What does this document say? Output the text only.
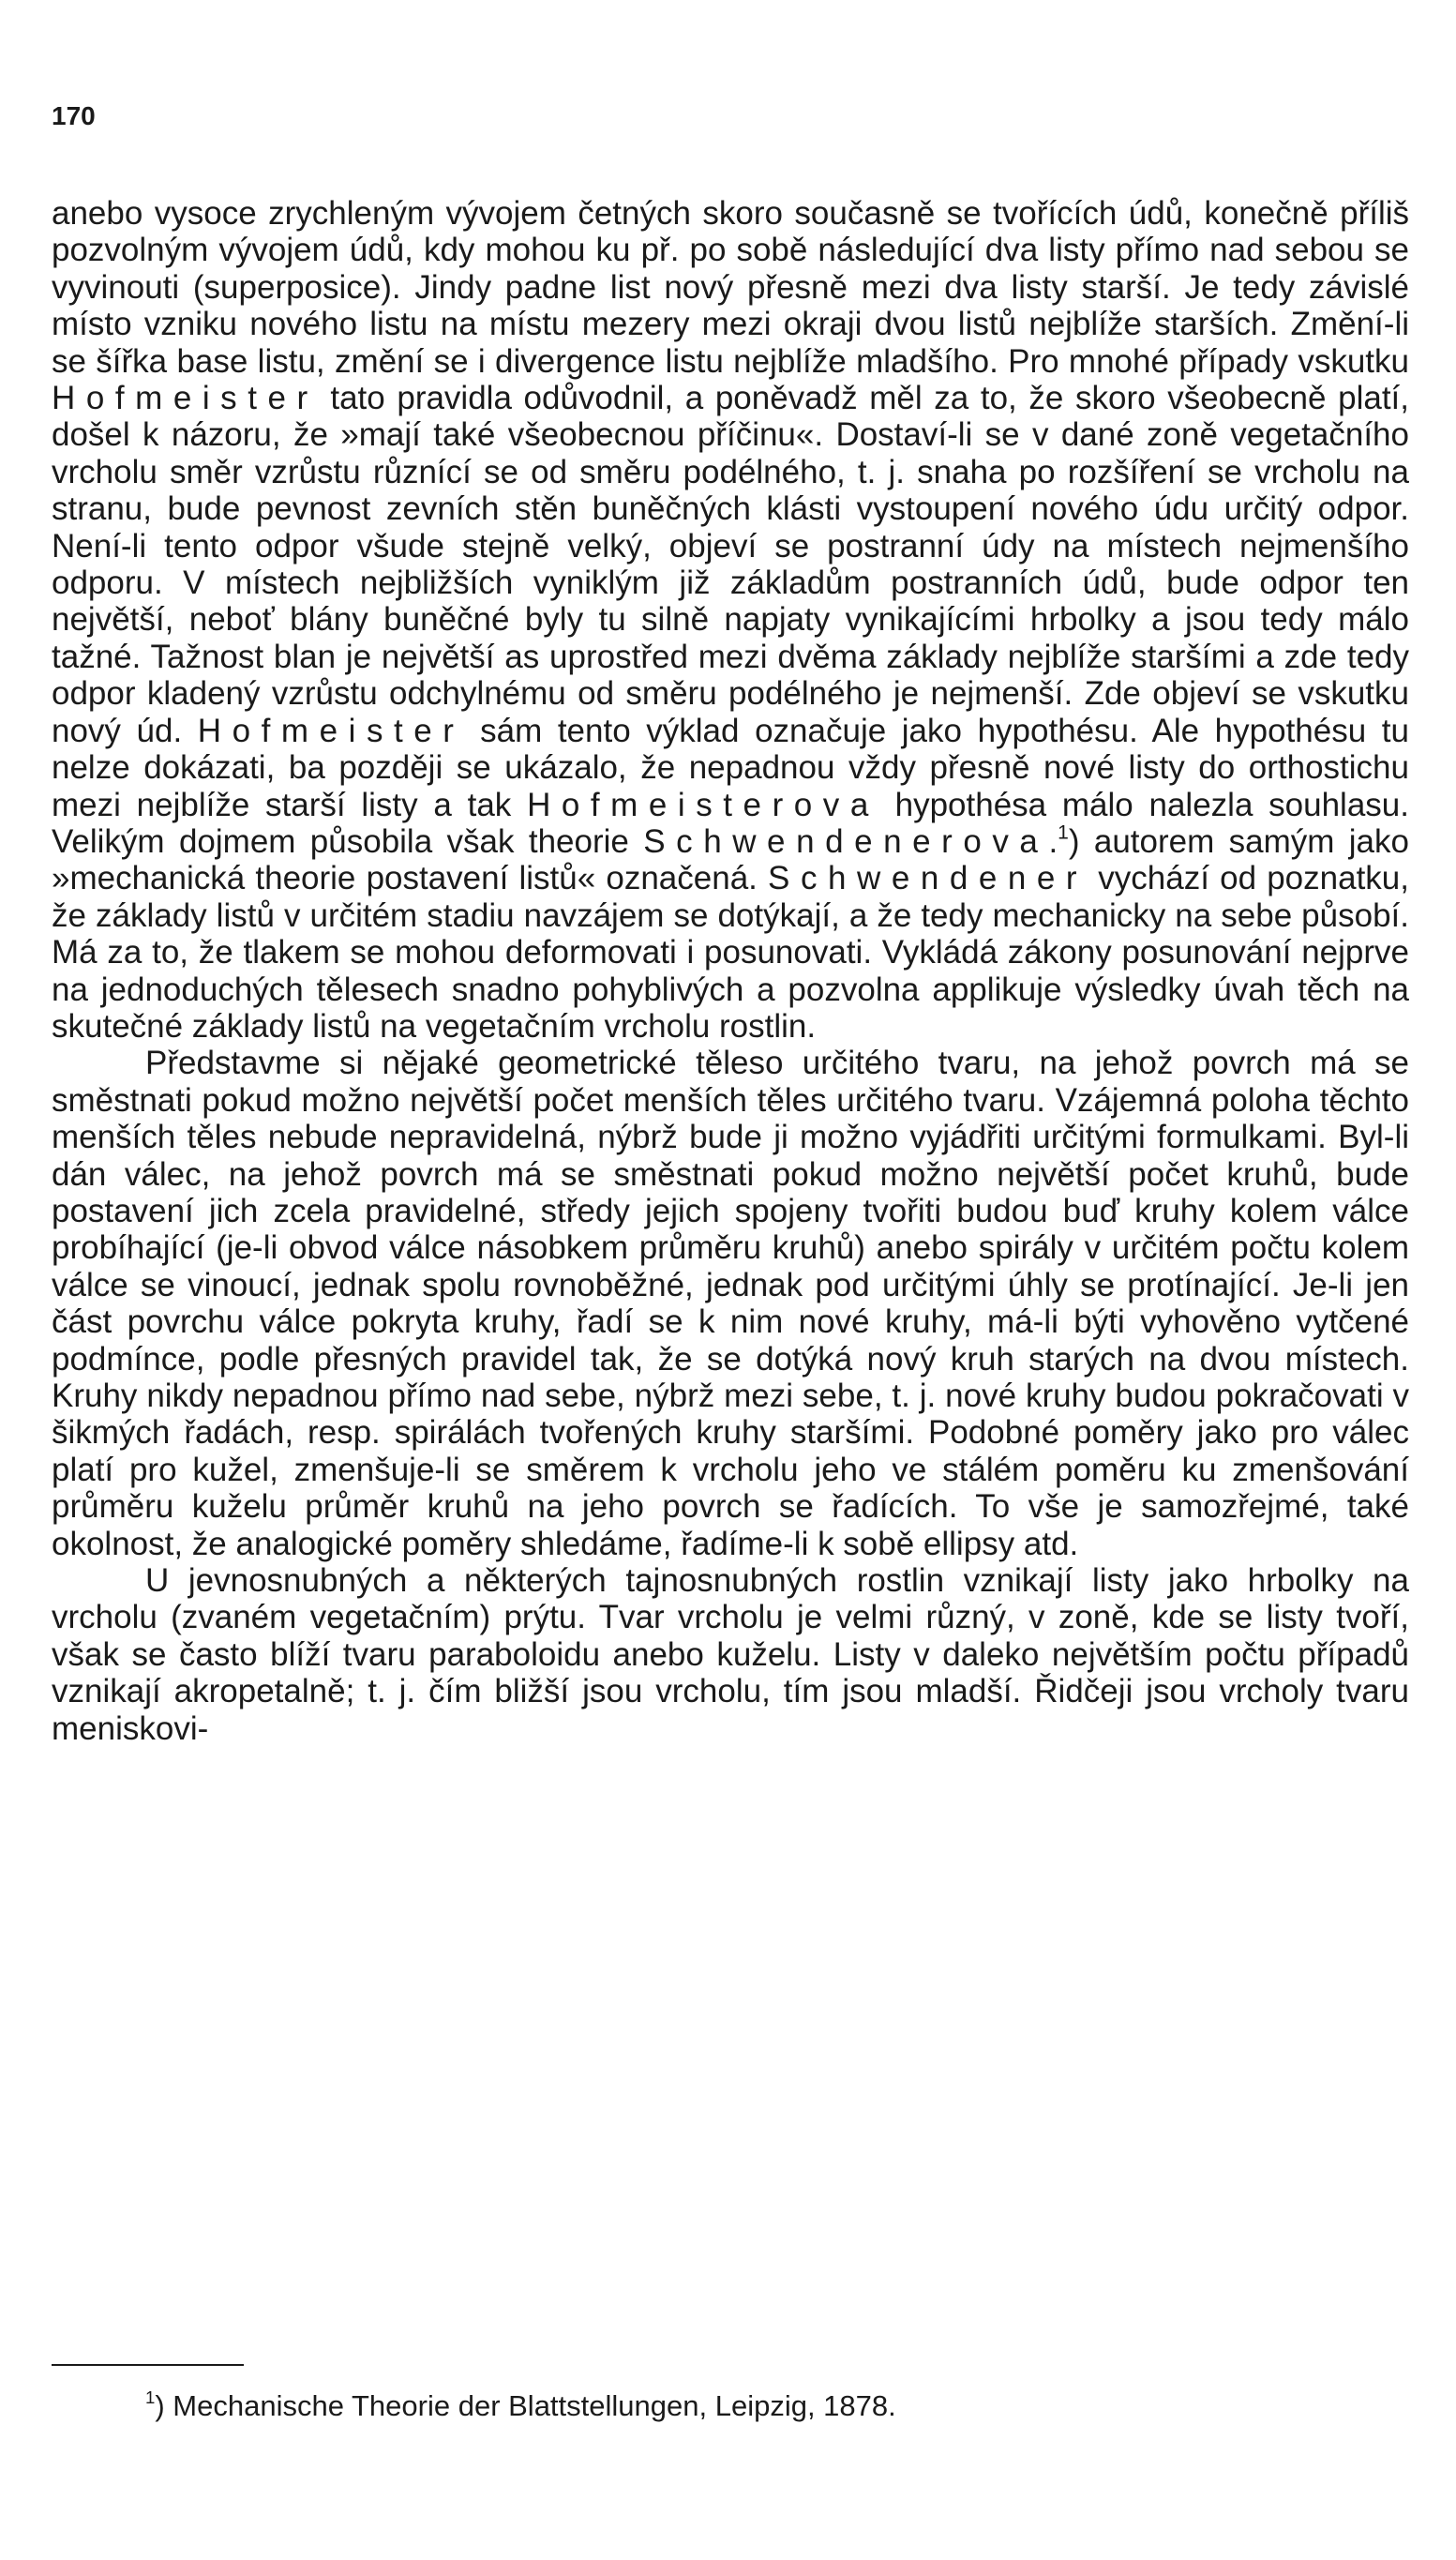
170

anebo vysoce zrychleným vývojem četných skoro současně se tvořících údů, konečně příliš pozvolným vývojem údů, kdy mohou ku př. po sobě následující dva listy přímo nad sebou se vyvinouti (superposice). Jindy padne list nový přesně mezi dva listy starší. Je tedy závislé místo vzniku nového listu na místu mezery mezi okraji dvou listů nejblíže starších. Změní-li se šířka base listu, změní se i divergence listu nejblíže mladšího. Pro mnohé případy vskutku Hofmeister tato pravidla odůvodnil, a poněvadž měl za to, že skoro všeobecně platí, došel k názoru, že »mají také všeobecnou příčinu«. Dostaví-li se v dané zoně vegetačního vrcholu směr vzrůstu různící se od směru podélného, t. j. snaha po rozšíření se vrcholu na stranu, bude pevnost zevních stěn buněčných klásti vystoupení nového údu určitý odpor. Není-li tento odpor všude stejně velký, objeví se postranní údy na místech nejmenšího odporu. V místech nejbližších vyniklým již základům postranních údů, bude odpor ten největší, neboť blány buněčné byly tu silně napjaty vynikajícími hrbolky a jsou tedy málo tažné. Tažnost blan je největší as uprostřed mezi dvěma základy nejblíže staršími a zde tedy odpor kladený vzrůstu odchylnému od směru podélného je nejmenší. Zde objeví se vskutku nový úd. Hofmeister sám tento výklad označuje jako hypothésu. Ale hypothésu tu nelze dokázati, ba později se ukázalo, že nepadnou vždy přesně nové listy do orthostichu mezi nejblíže starší listy a tak Hofmeisterova hypothésa málo nalezla souhlasu. Velikým dojmem působila však theorie Schwendenerova.$^1$) autorem samým jako »mechanická theorie postavení listů« označená. Schwendener vychází od poznatku, že základy listů v určitém stadiu navzájem se dotýkají, a že tedy mechanicky na sebe působí. Má za to, že tlakem se mohou deformovati i posunovati. Vykládá zákony posunování nejprve na jednoduchých tělesech snadno pohyblivých a pozvolna applikuje výsledky úvah těch na skutečné základy listů na vegetačním vrcholu rostlin.

Představme si nějaké geometrické těleso určitého tvaru, na jehož povrch má se směstnati pokud možno největší počet menších těles určitého tvaru. Vzájemná poloha těchto menších těles nebude nepravidelná, nýbrž bude ji možno vyjádřiti určitými formulkami. Byl-li dán válec, na jehož povrch má se směstnati pokud možno největší počet kruhů, bude postavení jich zcela pravidelné, středy jejich spojeny tvořiti budou buď kruhy kolem válce probíhající (je-li obvod válce násobkem průměru kruhů) anebo spirály v určitém počtu kolem válce se vinoucí, jednak spolu rovnoběžné, jednak pod určitými úhly se protínající. Je-li jen část povrchu válce pokryta kruhy, řadí se k nim nové kruhy, má-li býti vyhověno vytčené podmínce, podle přesných pravidel tak, že se dotýká nový kruh starých na dvou místech. Kruhy nikdy nepadnou přímo nad sebe, nýbrž mezi sebe, t. j. nové kruhy budou pokračovati v šikmých řadách, resp. spirálách tvořených kruhy staršími. Podobné poměry jako pro válec platí pro kužel, zmenšuje-li se směrem k vrcholu jeho ve stálém poměru ku zmenšování průměru kuželu průměr kruhů na jeho povrch se řadících. To vše je samozřejmé, také okolnost, že analogické poměry shledáme, řadíme-li k sobě ellipsy atd.

U jevnosnubných a některých tajnosnubných rostlin vznikají listy jako hrbolky na vrcholu (zvaném vegetačním) prýtu. Tvar vrcholu je velmi různý, v zoně, kde se listy tvoří, však se často blíží tvaru paraboloidu anebo kuželu. Listy v daleko největším počtu případů vznikají akropetalně; t. j. čím bližší jsou vrcholu, tím jsou mladší. Řidčeji jsou vrcholy tvaru meniskovi-

$^1$) Mechanische Theorie der Blattstellungen, Leipzig, 1878.
